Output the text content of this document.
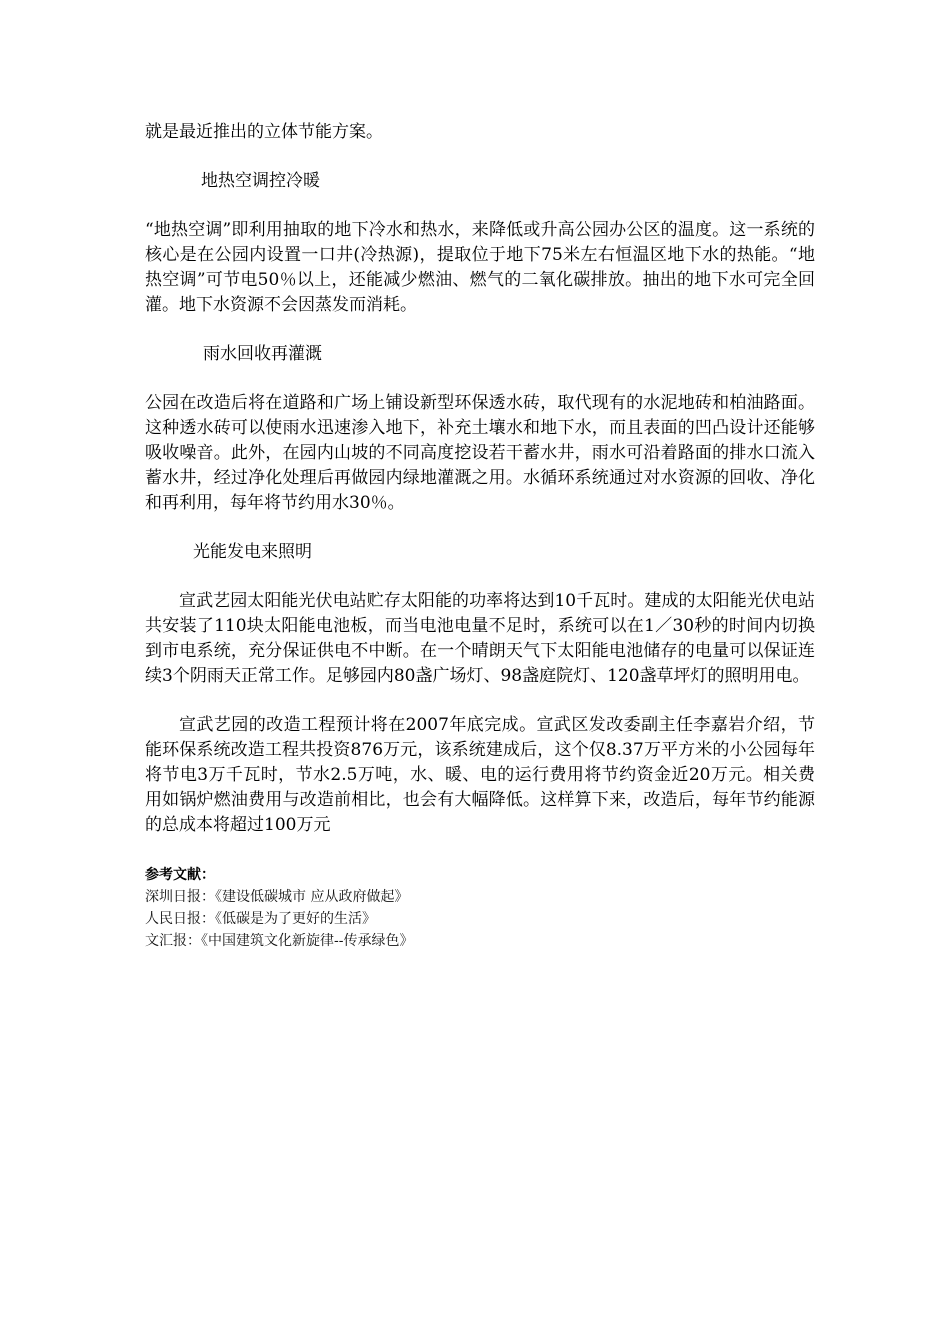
就是最近推出的立体节能方案。

地热空调控冷暖

“地热空调”即利用抽取的地下冷水和热水，来降低或升高公园办公区的温度。这一系统的核心是在公园内设置一口井(冷热源)，提取位于地下75米左右恒温区地下水的热能。“地热空调”可节电50％以上，还能减少燃油、燃气的二氧化碳排放。抽出的地下水可完全回灌。地下水资源不会因蒸发而消耗。

雨水回收再灌溉

公园在改造后将在道路和广场上铺设新型环保透水砖，取代现有的水泥地砖和柏油路面。这种透水砖可以使雨水迅速渗入地下，补充土壤水和地下水，而且表面的凹凸设计还能够吸收噪音。此外，在园内山坡的不同高度挖设若干蓄水井，雨水可沿着路面的排水口流入蓄水井，经过净化处理后再做园内绿地灌溉之用。水循环系统通过对水资源的回收、净化和再利用，每年将节约用水30％。

光能发电来照明

宣武艺园太阳能光伏电站贮存太阳能的功率将达到10千瓦时。建成的太阳能光伏电站共安装了110块太阳能电池板，而当电池电量不足时，系统可以在1／30秒的时间内切换到市电系统，充分保证供电不中断。在一个晴朗天气下太阳能电池储存的电量可以保证连续3个阴雨天正常工作。足够园内80盏广场灯、98盏庭院灯、120盏草坪灯的照明用电。

宣武艺园的改造工程预计将在2007年底完成。宣武区发改委副主任李嘉岩介绍，节能环保系统改造工程共投资876万元，该系统建成后，这个仅8.37万平方米的小公园每年将节电3万千瓦时，节水2.5万吨，水、暖、电的运行费用将节约资金近20万元。相关费用如锅炉燃油费用与改造前相比，也会有大幅降低。这样算下来，改造后，每年节约能源的总成本将超过100万元

参考文献：

深圳日报：《建设低碳城市 应从政府做起》

人民日报：《低碳是为了更好的生活》

文汇报：《中国建筑文化新旋律--传承绿色》
